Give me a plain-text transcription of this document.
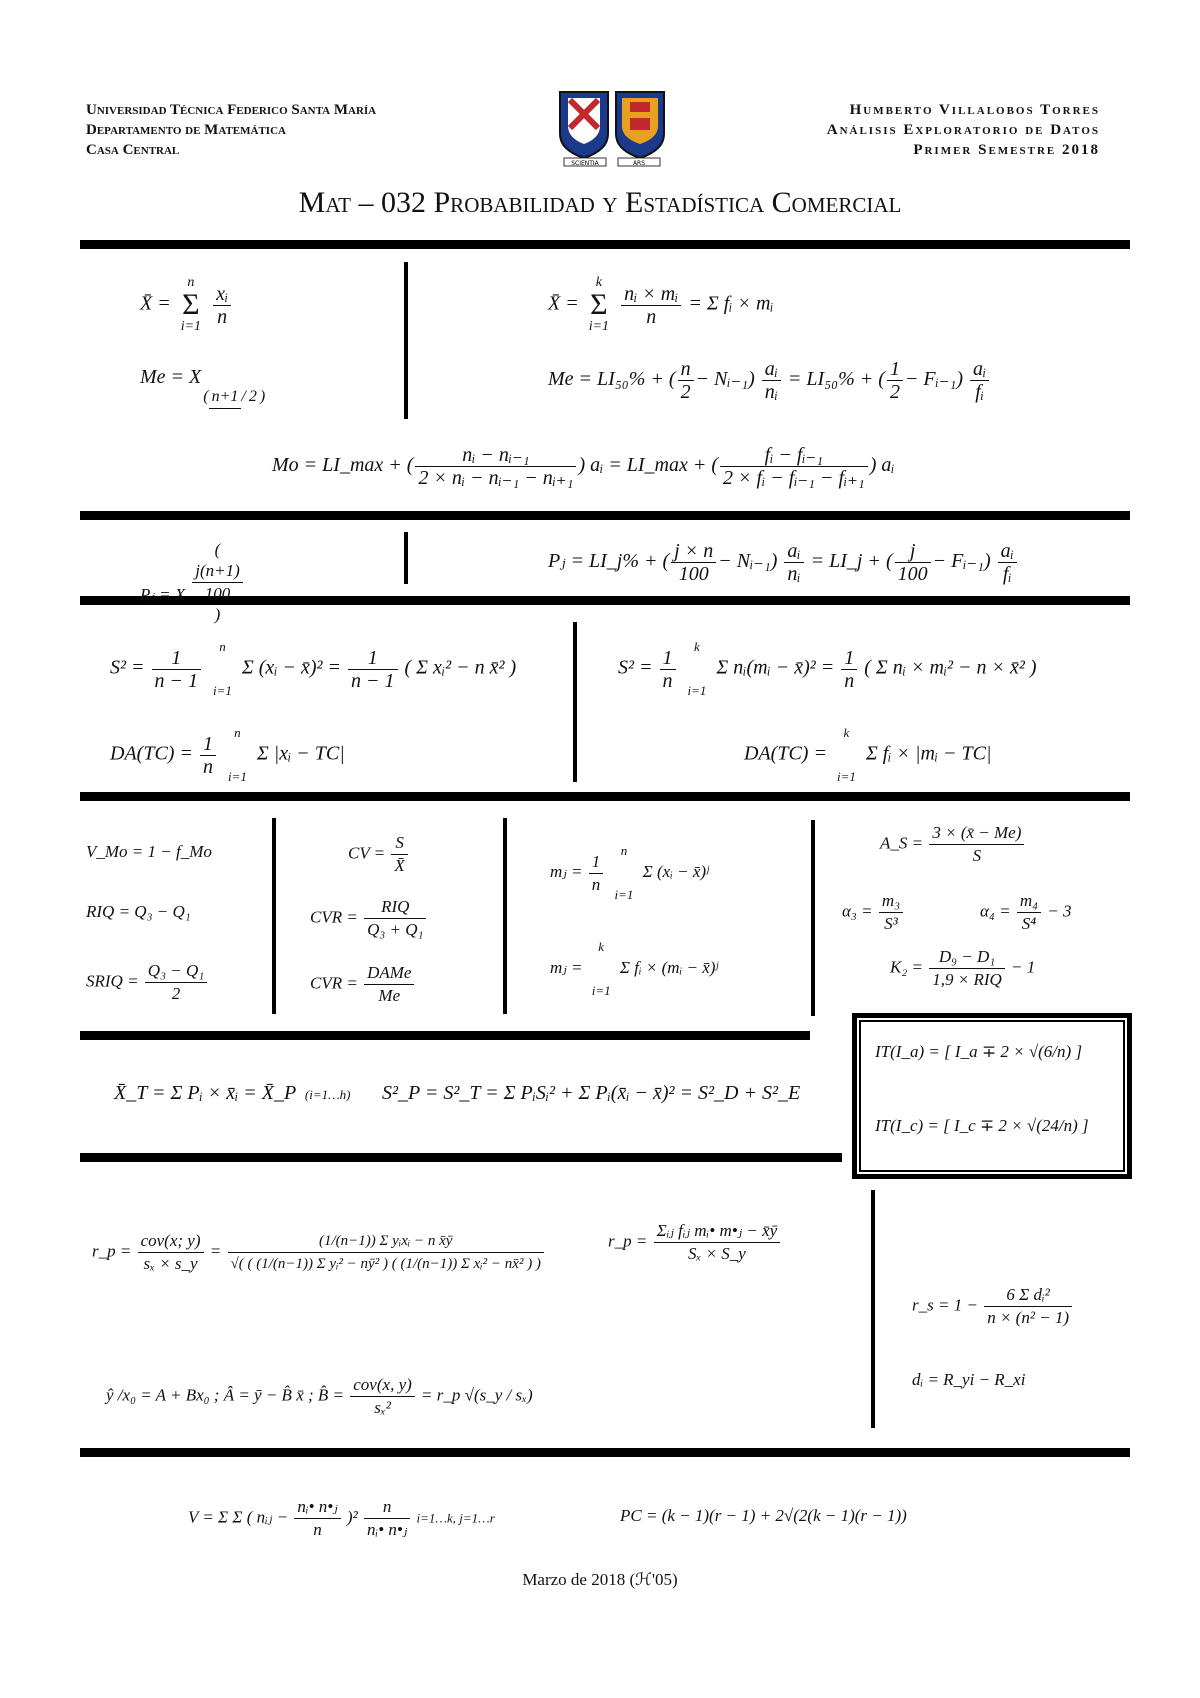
Universidad Técnica Federico Santa María
Departamento de Matemática
Casa Central
SCIENTIA	ARS
Humberto Villalobos Torres
Análisis Exploratorio de Datos
Primer Semestre 2018
Mat – 032 Probabilidad y Estadística Comercial
X̄ =
n
Σ
i=1
$\frac{\text{xᵢ}}{n}$	X̄ =
k
Σ
i=1
$\frac{\text{nᵢ × mᵢ}}{n} = \Sigma$ fᵢ × mᵢ
Me = X( n+1 / 2 )
Me = LI₅₀% + ( $\frac{n}{2}$ − Nᵢ₋₁) $\frac{\text{aᵢ}}{\text{nᵢ}} = LI_{50}\%$ + ( $\frac{1}{2}$ − Fᵢ₋₁) $\frac{\text{aᵢ}}{\text{fᵢ}}$
Mo = LI_max + ( $\frac{\text{nᵢ − nᵢ₋₁}}{\text{2 × nᵢ − nᵢ₋₁ − nᵢ₊₁}}$ ) aᵢ = LI_max + ( $\frac{\text{fᵢ − fᵢ₋₁}}{\text{2 × fᵢ − fᵢ₋₁ − fᵢ₊₁}}$ ) aᵢ
Pⱼ = X(
j(n+1)
100
)
Pⱼ = LI_j% + ( $\frac{j \times n}{100}$ − Nᵢ₋₁) $\frac{\text{aᵢ}}{\text{nᵢ}}$ = LI_j + ( $\frac{j}{100}$ − Fᵢ₋₁) $\frac{\text{aᵢ}}{\text{fᵢ}}$
$S^2 = \frac{1}{n - 1}$
	n
i=1
Σ (xᵢ − x̄)² = $\frac{1}{n - 1}$ ( Σ xᵢ² − n x̄² )	$S^2 = \frac{1}{n}$
	k
i=1
Σ nᵢ(mᵢ − x̄)² = $\frac{1}{n}$ ( Σ nᵢ × mᵢ² − n × x̄² )
$DA(TC) = \frac{1}{n}$
	n
i=1
Σ |xᵢ − TC|	DA(TC) =
k
i=1
Σ fᵢ × |mᵢ − TC|
V_Mo = 1 − f_Mo
RIQ = Q₃ − Q₁
SRIQ = $\frac{\text{Q₃ − Q₁}}{2}$
CV = $\frac{S}{X̄}$
CVR = $\frac{\text{RIQ}}{\text{Q₃ + Q₁}}$
CVR = $\frac{\text{DAMe}}{Me}$
mⱼ = $\frac{1}{n}$
	n
i=1
Σ (xᵢ − x̄)ʲ
mⱼ =
k
i=1
Σ fᵢ × (mᵢ − x̄)ʲ
A_S = $\frac{3 \times (x̄ - Me)}{S}$
$\alpha_3 = \frac{\text{m₃}}{\text{S³}}$	$\alpha_4 = \frac{\text{m₄}}{\text{S⁴}} - 3$
$K_2 = \frac{\text{D₉ − D₁}}{\text{1,9 × RIQ}} - 1$
X̄_T = Σ Pᵢ × x̄ᵢ = X̄_P (i=1…h) S²_P = S²_T = Σ PᵢSᵢ² + Σ Pᵢ(x̄ᵢ − x̄)² = S²_D + S²_E
IT(I_a) = [ I_a ∓ 2 × √(6/n) ]
IT(I_c) = [ I_c ∓ 2 × √(24/n) ]
r_p = $\frac{\text{cov(x; y)}}{\text{sₓ × s\_y}} = \frac{\text{(1/(n−1)) Σ yᵢxᵢ − n x̄ȳ}}{\text{√( ( (1/(n−1)) Σ yᵢ² − nȳ² ) ( (1/(n−1)) Σ xᵢ² − nx̄² ) )}}$	r_p = $\frac{\text{Σᵢⱼ fᵢⱼ mᵢ• m•ⱼ − x̄ȳ}}{\text{Sₓ × S\_y}}$
r_s = $1 - \frac{\text{6 Σ dᵢ²}}{\text{n × (n² − 1)}}$
dᵢ = R_yi − R_xi
ŷ /x₀ = A + Bx₀ ; Â = ȳ − B̂ x̄ ; B̂ = $\frac{\text{cov(x, y)}}{\text{sₓ²}}$ = r_p √(s_y / sₓ)
V = Σ Σ ( nᵢⱼ − $\frac{\text{nᵢ• n•ⱼ}}{n} )^2 \frac{n}{\text{nᵢ• n•ⱼ}}$ i=1…k, j=1…r	PC = (k − 1)(r − 1) + 2√(2(k − 1)(r − 1))
Marzo de 2018 (ℋ'05)
